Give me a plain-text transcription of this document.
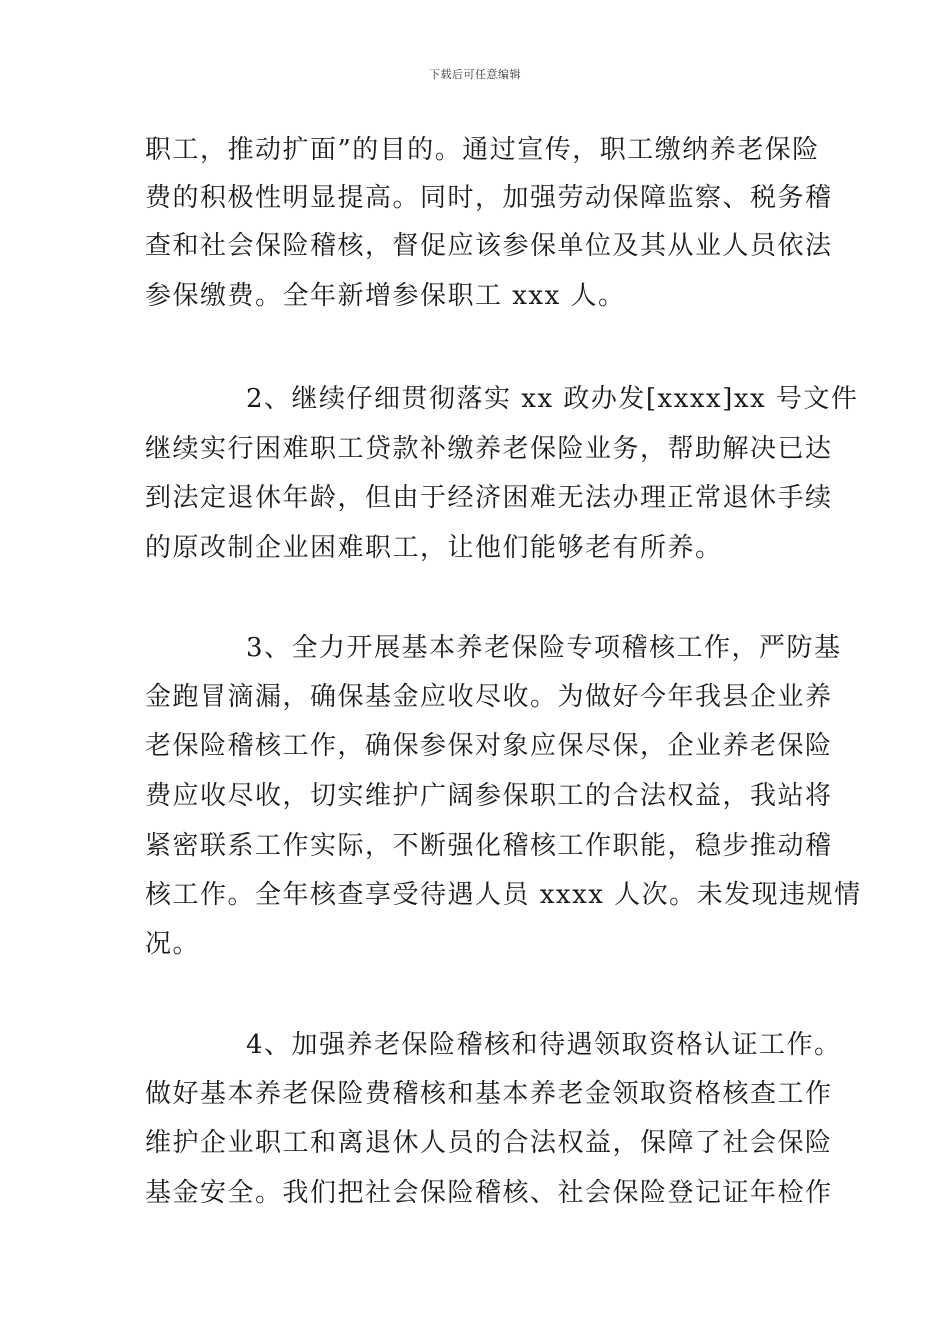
下载后可任意编辑
职工，推动扩面”的目的。通过宣传，职工缴纳养老保险
费的积极性明显提高。同时，加强劳动保障监察、税务稽
查和社会保险稽核，督促应该参保单位及其从业人员依法
参保缴费。全年新增参保职工 xxx 人。
2、继续仔细贯彻落实 xx 政办发[xxxx]xx 号文件
继续实行困难职工贷款补缴养老保险业务，帮助解决已达
到法定退休年龄，但由于经济困难无法办理正常退休手续
的原改制企业困难职工，让他们能够老有所养。
3、全力开展基本养老保险专项稽核工作，严防基
金跑冒滴漏，确保基金应收尽收。为做好今年我县企业养
老保险稽核工作，确保参保对象应保尽保，企业养老保险
费应收尽收，切实维护广阔参保职工的合法权益，我站将
紧密联系工作实际，不断强化稽核工作职能，稳步推动稽
核工作。全年核查享受待遇人员 xxxx 人次。未发现违规情
况。
4、加强养老保险稽核和待遇领取资格认证工作。
做好基本养老保险费稽核和基本养老金领取资格核查工作
维护企业职工和离退休人员的合法权益，保障了社会保险
基金安全。我们把社会保险稽核、社会保险登记证年检作
